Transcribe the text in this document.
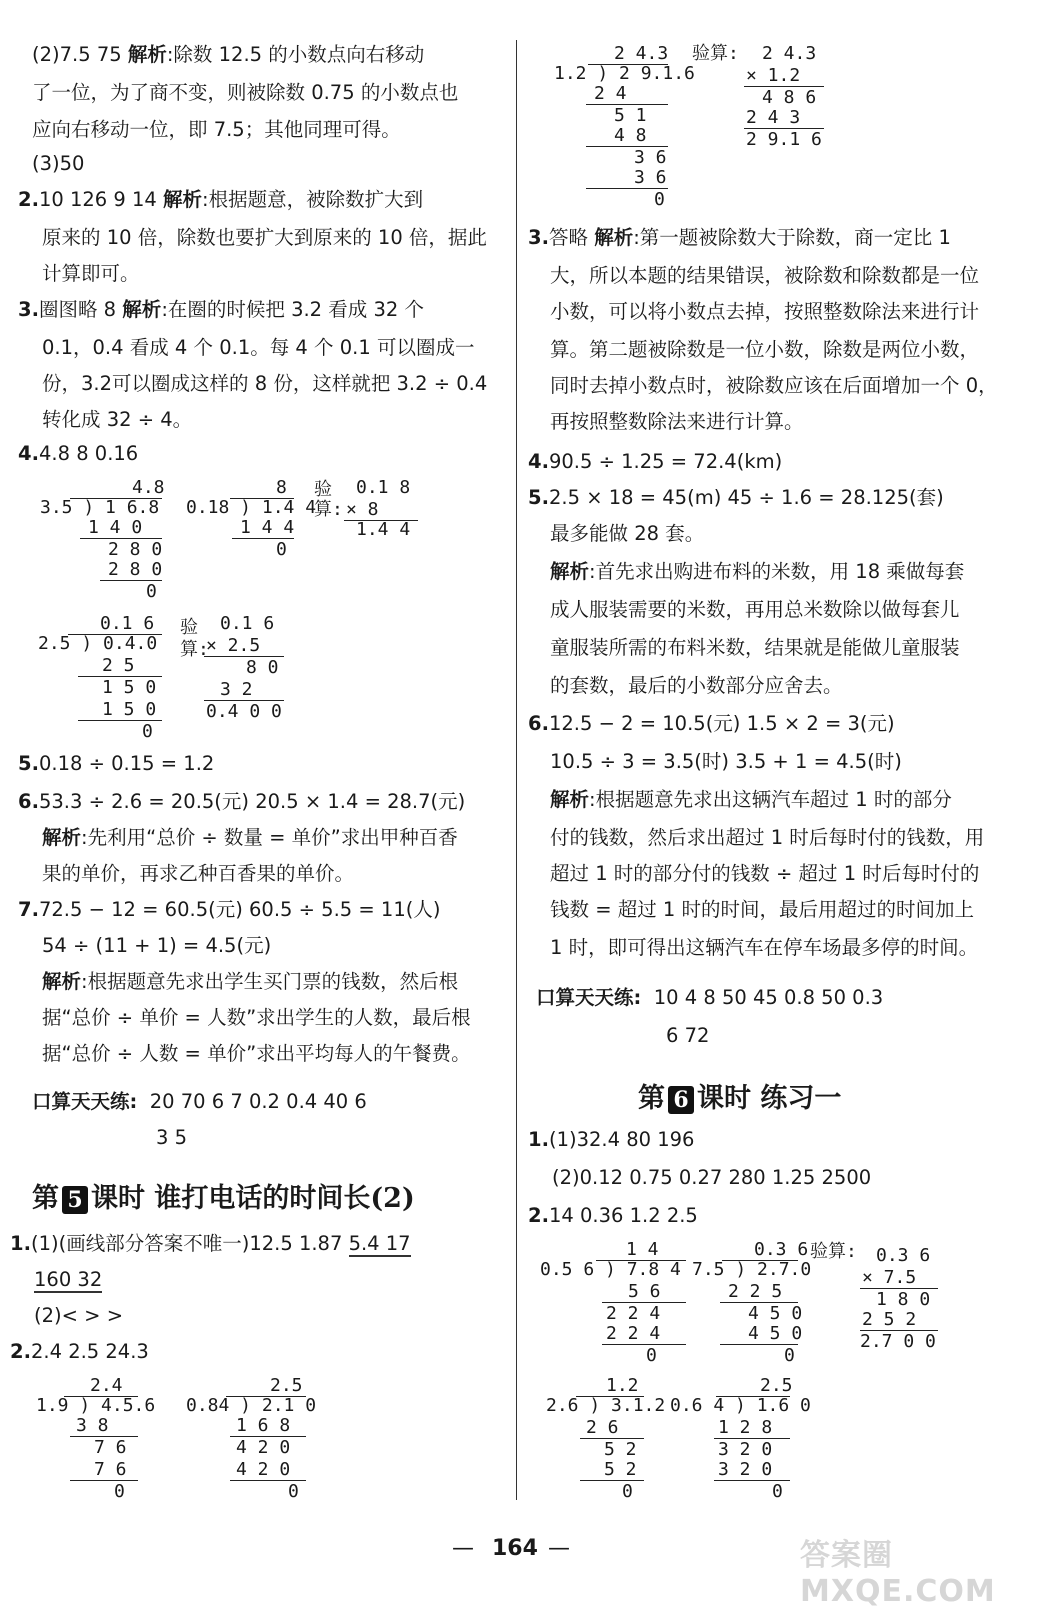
(2)7.5 75 解析:除数 12.5 的小数点向右移动
了一位，为了商不变，则被除数 0.75 的小数点也
应向右移动一位，即 7.5；其他同理可得。
(3)50
2.10 126 9 14 解析:根据题意，被除数扩大到
原来的 10 倍，除数也要扩大到原来的 10 倍，据此
计算即可。
3.圈图略 8 解析:在圈的时候把 3.2 看成 32 个
0.1，0.4 看成 4 个 0.1。每 4 个 0.1 可以圈成一
份，3.2可以圈成这样的 8 份，这样就把 3.2 ÷ 0.4
转化成 32 ÷ 4。
4.4.8 8 0.16
4.8
3.5 ) 1 6.8
1 4 0
2 8 0
2 8 0
0
8
0.18 ) 1.4 4
1 4 4
0
验
算:
0.1 8
× 8
1.4 4
0.1 6
2.5 ) 0.4.0
2 5
1 5 0
1 5 0
0
验
算:
0.1 6
× 2.5
8 0
3 2
0.4 0 0
5.0.18 ÷ 0.15 = 1.2
6.53.3 ÷ 2.6 = 20.5(元) 20.5 × 1.4 = 28.7(元)
解析:先利用“总价 ÷ 数量 = 单价”求出甲种百香
果的单价，再求乙种百香果的单价。
7.72.5 − 12 = 60.5(元) 60.5 ÷ 5.5 = 11(人)
54 ÷ (11 + 1) = 4.5(元)
解析:根据题意先求出学生买门票的钱数，然后根
据“总价 ÷ 单价 = 人数”求出学生的人数，最后根
据“总价 ÷ 人数 = 单价”求出平均每人的午餐费。
口算天天练: 20 70 6 7 0.2 0.4 40 6
3 5
第 5 课时 谁打电话的时间长(2)
1.(1)(画线部分答案不唯一)12.5 1.87 5.4 17
160 32
(2)< > >
2.2.4 2.5 24.3
2.4
1.9 ) 4.5.6
3 8
7 6
7 6
0
2.5
0.84 ) 2.1 0
1 6 8
4 2 0
4 2 0
0
2 4.3
1.2 ) 2 9.1.6
2 4
5 1
4 8
3 6
3 6
0
验算: 2 4.3
× 1.2
4 8 6
2 4 3
2 9.1 6
3.答略 解析:第一题被除数大于除数，商一定比 1
大，所以本题的结果错误，被除数和除数都是一位
小数，可以将小数点去掉，按照整数除法来进行计
算。第二题被除数是一位小数，除数是两位小数，
同时去掉小数点时，被除数应该在后面增加一个 0，
再按照整数除法来进行计算。
4.90.5 ÷ 1.25 = 72.4(km)
5.2.5 × 18 = 45(m) 45 ÷ 1.6 = 28.125(套)
最多能做 28 套。
解析:首先求出购进布料的米数，用 18 乘做每套
成人服装需要的米数，再用总米数除以做每套儿
童服装所需的布料米数，结果就是能做儿童服装
的套数，最后的小数部分应舍去。
6.12.5 − 2 = 10.5(元) 1.5 × 2 = 3(元)
10.5 ÷ 3 = 3.5(时) 3.5 + 1 = 4.5(时)
解析:根据题意先求出这辆汽车超过 1 时的部分
付的钱数，然后求出超过 1 时后每时付的钱数，用
超过 1 时的部分付的钱数 ÷ 超过 1 时后每时付的
钱数 = 超过 1 时的时间，最后用超过的时间加上
1 时，即可得出这辆汽车在停车场最多停的时间。
口算天天练: 10 4 8 50 45 0.8 50 0.3
6 72
第 6 课时 练习一
1.(1)32.4 80 196
(2)0.12 0.75 0.27 280 1.25 2500
2.14 0.36 1.2 2.5
1 4
0.5 6 ) 7.8 4
5 6
2 2 4
2 2 4
0
0.3 6
7.5 ) 2.7.0
2 2 5
4 5 0
4 5 0
0
验算: 0.3 6
× 7.5
1 8 0
2 5 2
2.7 0 0
1.2
2.6 ) 3.1.2
2 6
5 2
5 2
0
2.5
0.6 4 ) 1.6 0
1 2 8
3 2 0
3 2 0
0
— 164 —	答案圈 MXQE.COM
